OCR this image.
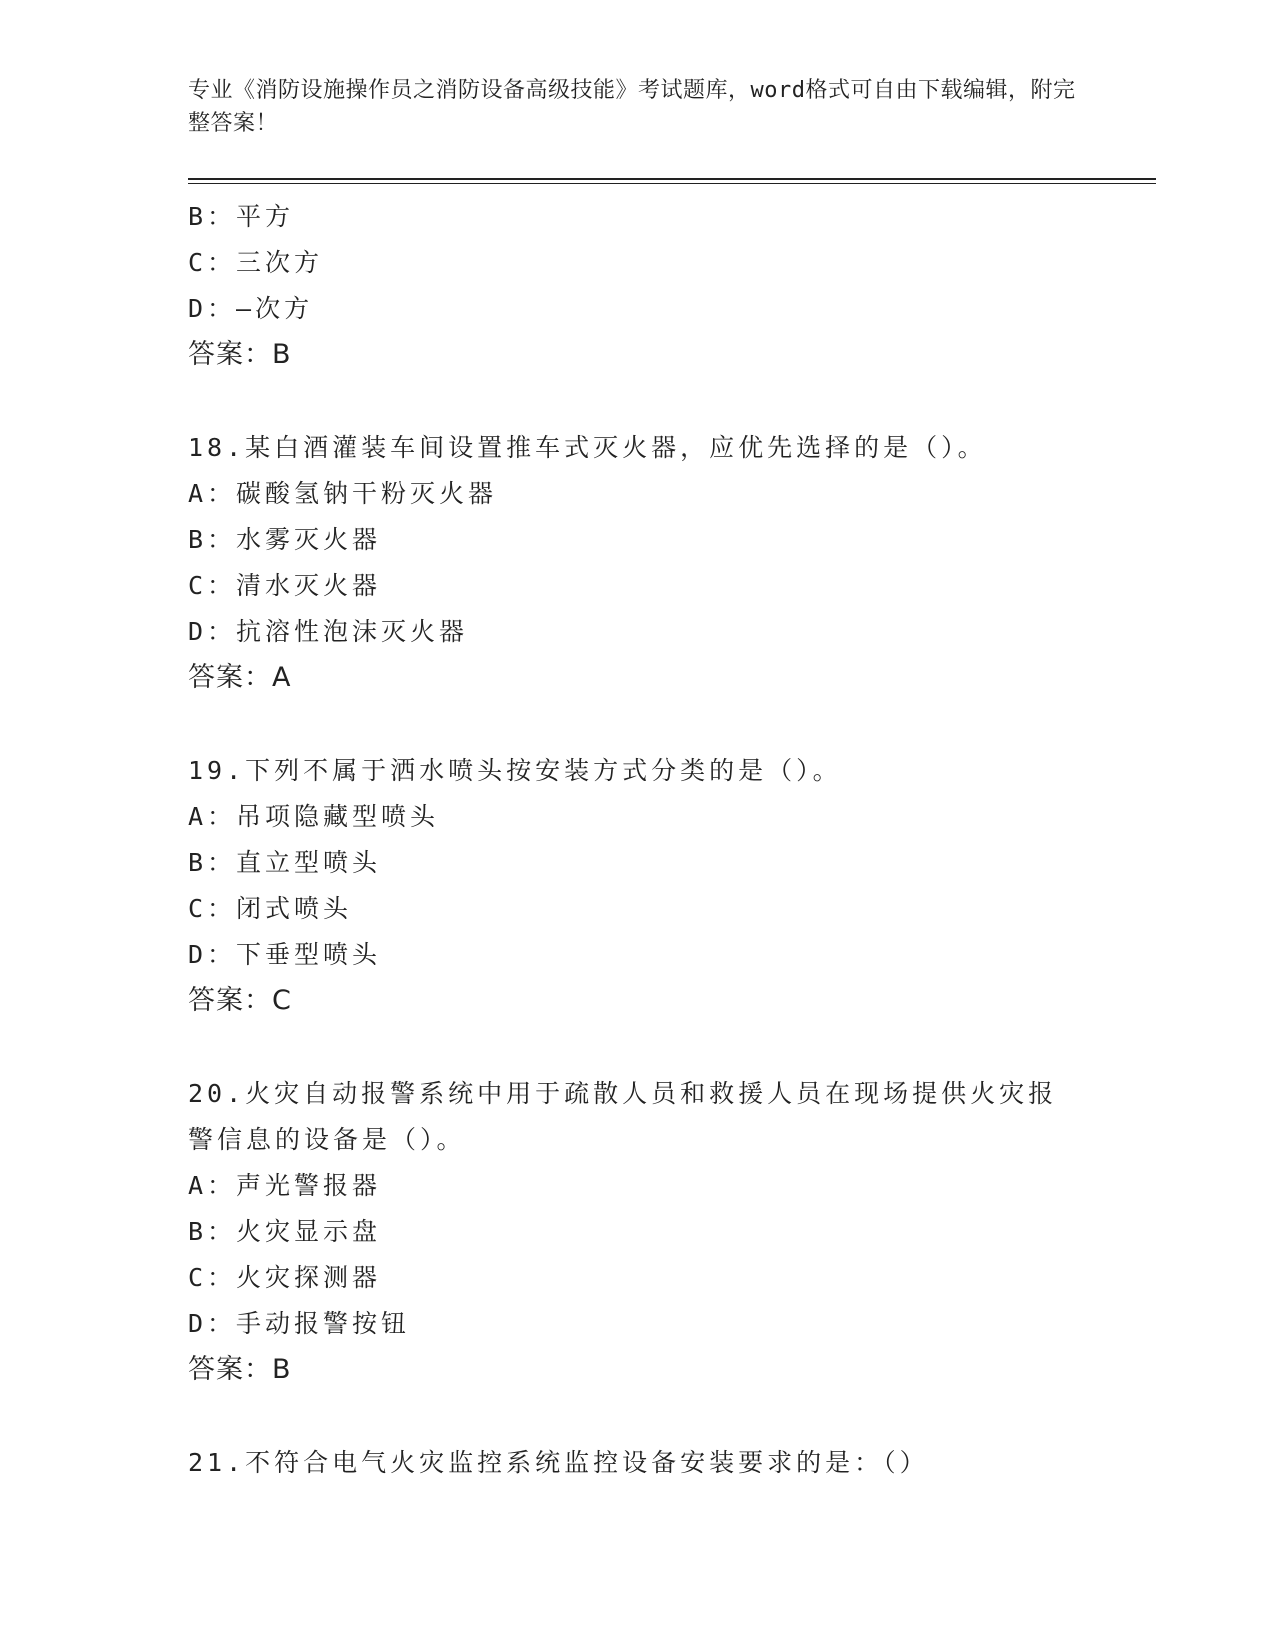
专业《消防设施操作员之消防设备高级技能》考试题库，word格式可自由下载编辑，附完整答案！
B：平方
C：三次方
D：—次方
答案：B
18.某白酒灌装车间设置推车式灭火器，应优先选择的是（）。
A：碳酸氢钠干粉灭火器
B：水雾灭火器
C：清水灭火器
D：抗溶性泡沫灭火器
答案：A
19.下列不属于洒水喷头按安装方式分类的是（）。
A：吊项隐藏型喷头
B：直立型喷头
C：闭式喷头
D：下垂型喷头
答案：C
20.火灾自动报警系统中用于疏散人员和救援人员在现场提供火灾报警信息的设备是（）。
A：声光警报器
B：火灾显示盘
C：火灾探测器
D：手动报警按钮
答案：B
21.不符合电气火灾监控系统监控设备安装要求的是：（）
